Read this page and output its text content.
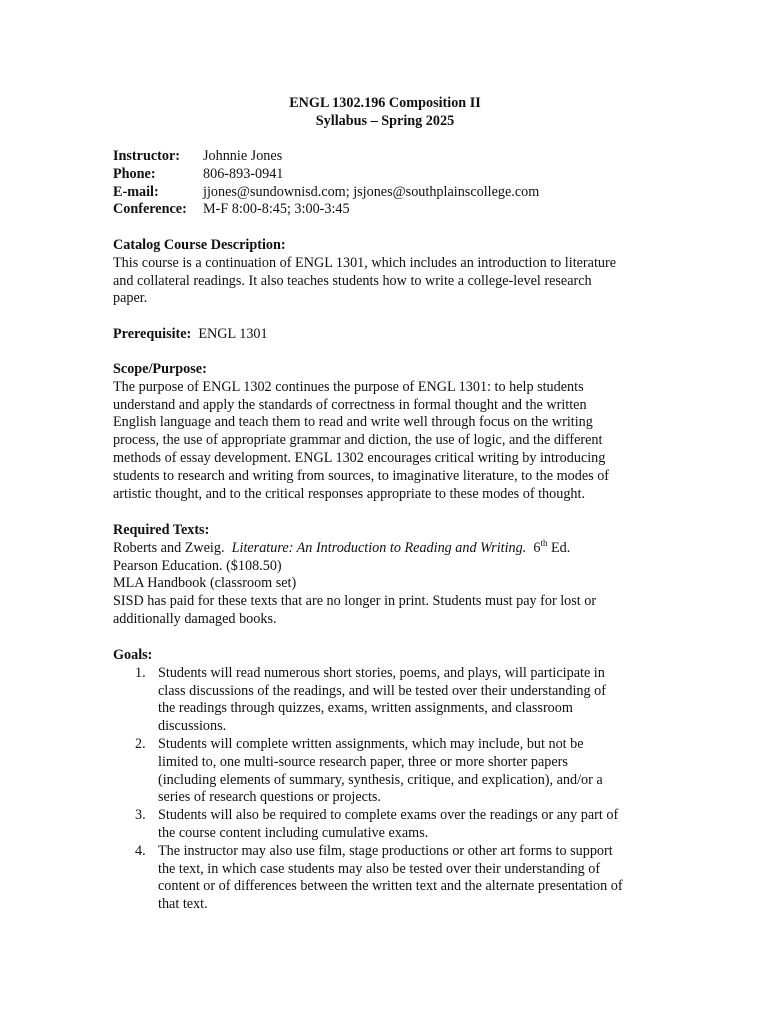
ENGL 1302.196 Composition II
Syllabus – Spring 2025
Instructor: Johnnie Jones
Phone:	806-893-0941
E-mail:	jjones@sundownisd.com; jsjones@southplainscollege.com
Conference: M-F 8:00-8:45; 3:00-3:45
Catalog Course Description:
This course is a continuation of ENGL 1301, which includes an introduction to literature
and collateral readings. It also teaches students how to write a college-level research
paper.
Prerequisite: ENGL 1301
Scope/Purpose:
The purpose of ENGL 1302 continues the purpose of ENGL 1301: to help students
understand and apply the standards of correctness in formal thought and the written
English language and teach them to read and write well through focus on the writing
process, the use of appropriate grammar and diction, the use of logic, and the different
methods of essay development. ENGL 1302 encourages critical writing by introducing
students to research and writing from sources, to imaginative literature, to the modes of
artistic thought, and to the critical responses appropriate to these modes of thought.
Required Texts:
Roberts and Zweig.  Literature: An Introduction to Reading and Writing.  6th Ed.
Pearson Education. ($108.50)
MLA Handbook (classroom set)
SISD has paid for these texts that are no longer in print. Students must pay for lost or
additionally damaged books.
Goals:
1. Students will read numerous short stories, poems, and plays, will participate in
class discussions of the readings, and will be tested over their understanding of
the readings through quizzes, exams, written assignments, and classroom
discussions.
2. Students will complete written assignments, which may include, but not be
limited to, one multi-source research paper, three or more shorter papers
(including elements of summary, synthesis, critique, and explication), and/or a
series of research questions or projects.
3. Students will also be required to complete exams over the readings or any part of
the course content including cumulative exams.
4. The instructor may also use film, stage productions or other art forms to support
the text, in which case students may also be tested over their understanding of
content or of differences between the written text and the alternate presentation of
that text.
